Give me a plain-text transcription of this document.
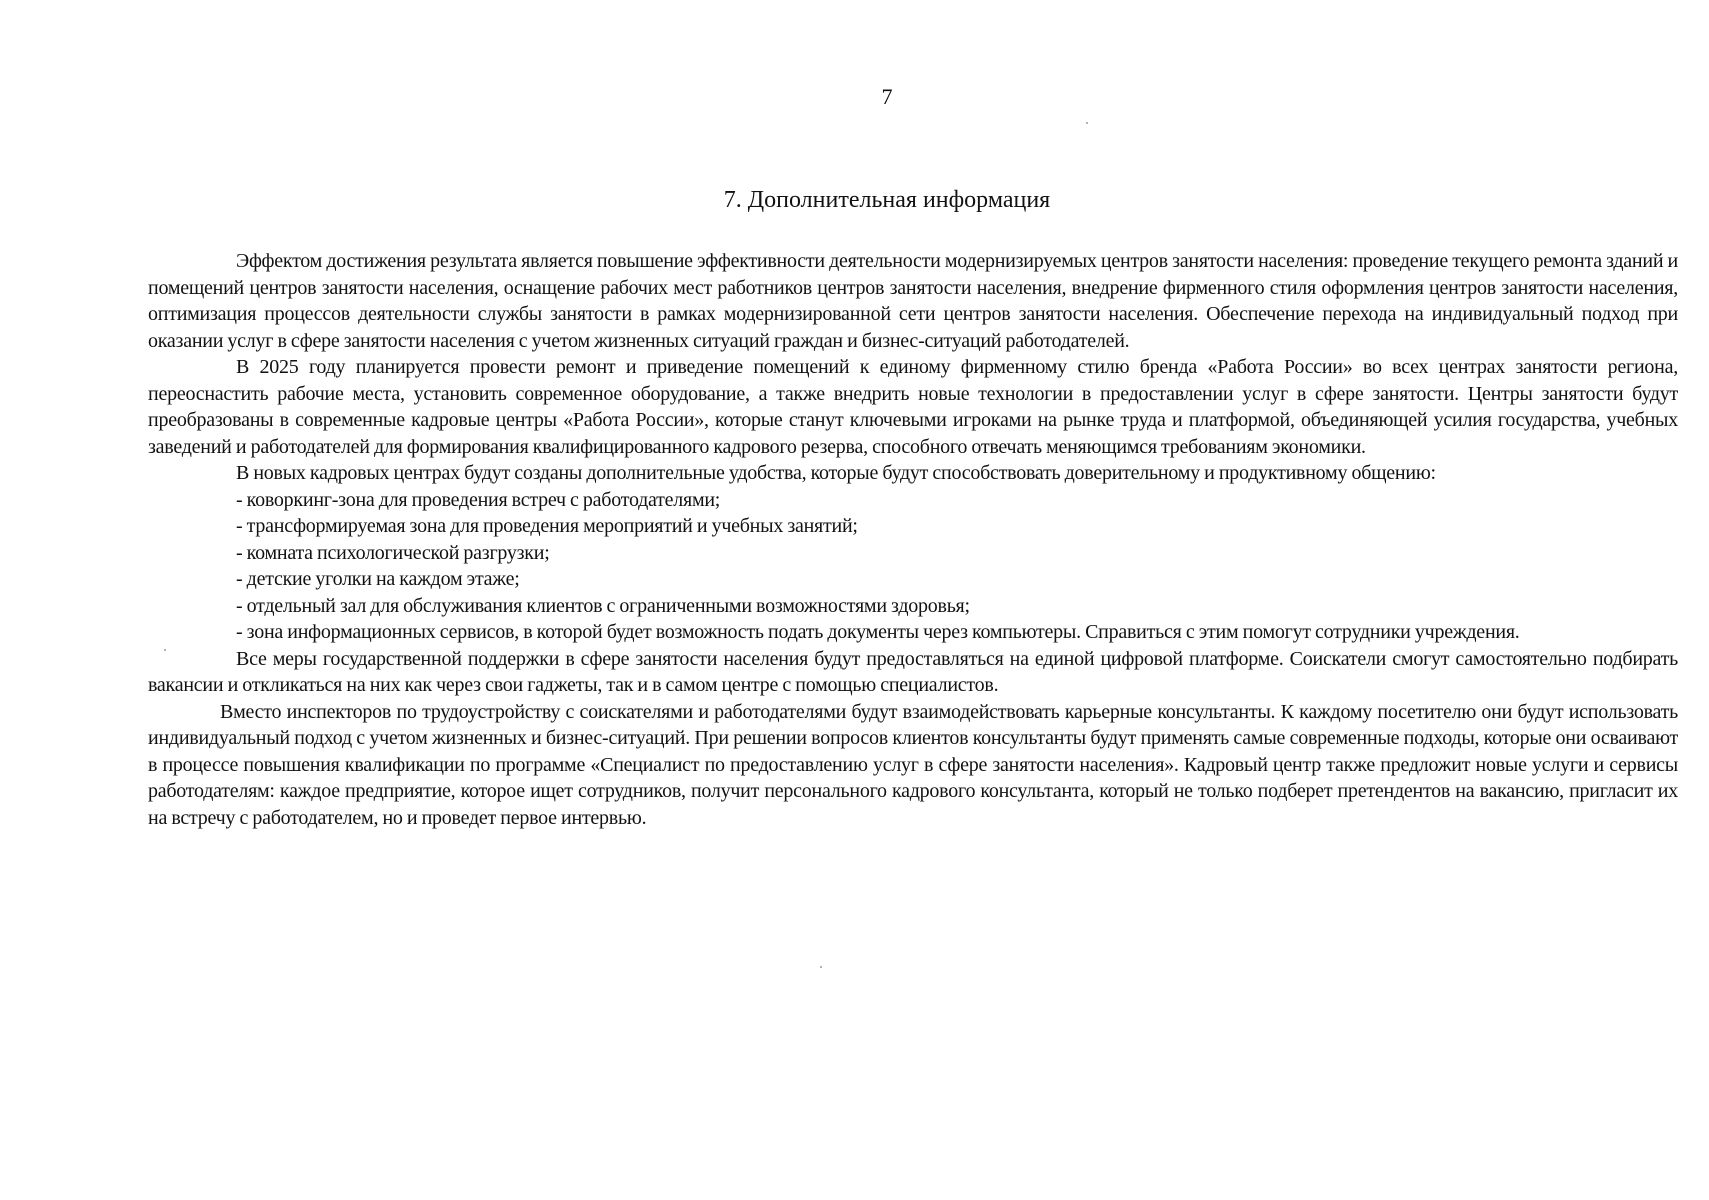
7
7. Дополнительная информация

Эффектом достижения результата является повышение эффективности деятельности модернизируемых центров занятости населения: проведение текущего ремонта зданий и помещений центров занятости населения, оснащение рабочих мест работников центров занятости населения, внедрение фирменного стиля оформления центров занятости населения, оптимизация процессов деятельности службы занятости в рамках модернизированной сети центров занятости населения. Обеспечение перехода на индивидуальный подход при оказании услуг в сфере занятости населения с учетом жизненных ситуаций граждан и бизнес-ситуаций работодателей.

В 2025 году планируется провести ремонт и приведение помещений к единому фирменному стилю бренда «Работа России» во всех центрах занятости региона, переоснастить рабочие места, установить современное оборудование, а также внедрить новые технологии в предоставлении услуг в сфере занятости. Центры занятости будут преобразованы в современные кадровые центры «Работа России», которые станут ключевыми игроками на рынке труда и платформой, объединяющей усилия государства, учебных заведений и работодателей для формирования квалифицированного кадрового резерва, способного отвечать меняющимся требованиям экономики.

В новых кадровых центрах будут созданы дополнительные удобства, которые будут способствовать доверительному и продуктивному общению:

- коворкинг-зона для проведения встреч с работодателями;
- трансформируемая зона для проведения мероприятий и учебных занятий;
- комната психологической разгрузки;
- детские уголки на каждом этаже;
- отдельный зал для обслуживания клиентов с ограниченными возможностями здоровья;
- зона информационных сервисов, в которой будет возможность подать документы через компьютеры. Справиться с этим помогут сотрудники учреждения.

Все меры государственной поддержки в сфере занятости населения будут предоставляться на единой цифровой платформе. Соискатели смогут самостоятельно подбирать вакансии и откликаться на них как через свои гаджеты, так и в самом центре с помощью специалистов.

Вместо инспекторов по трудоустройству с соискателями и работодателями будут взаимодействовать карьерные консультанты. К каждому посетителю они будут использовать индивидуальный подход с учетом жизненных и бизнес-ситуаций. При решении вопросов клиентов консультанты будут применять самые современные подходы, которые они осваивают в процессе повышения квалификации по программе «Специалист по предоставлению услуг в сфере занятости населения». Кадровый центр также предложит новые услуги и сервисы работодателям: каждое предприятие, которое ищет сотрудников, получит персонального кадрового консультанта, который не только подберет претендентов на вакансию, пригласит их на встречу с работодателем, но и проведет первое интервью.
